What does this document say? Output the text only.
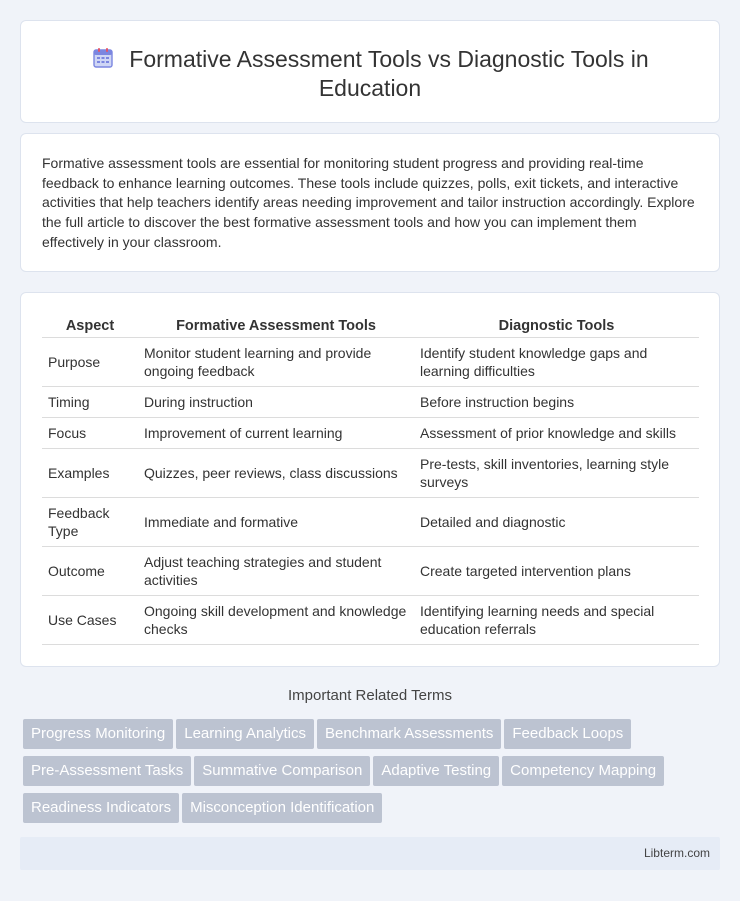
Formative Assessment Tools vs Diagnostic Tools in Education

Formative assessment tools are essential for monitoring student progress and providing real-time feedback to enhance learning outcomes. These tools include quizzes, polls, exit tickets, and interactive activities that help teachers identify areas needing improvement and tailor instruction accordingly. Explore the full article to discover the best formative assessment tools and how you can implement them effectively in your classroom.

Aspect	Formative Assessment Tools	Diagnostic Tools
Purpose	Monitor student learning and provide ongoing feedback	Identify student knowledge gaps and learning difficulties
Timing	During instruction	Before instruction begins
Focus	Improvement of current learning	Assessment of prior knowledge and skills
Examples	Quizzes, peer reviews, class discussions	Pre-tests, skill inventories, learning style surveys
Feedback Type	Immediate and formative	Detailed and diagnostic
Outcome	Adjust teaching strategies and student activities	Create targeted intervention plans
Use Cases	Ongoing skill development and knowledge checks	Identifying learning needs and special education referrals
Important Related Terms
Progress Monitoring Learning Analytics Benchmark Assessments Feedback Loops
Pre-Assessment Tasks Summative Comparison Adaptive Testing Competency Mapping
Readiness Indicators Misconception Identification
Libterm.com
